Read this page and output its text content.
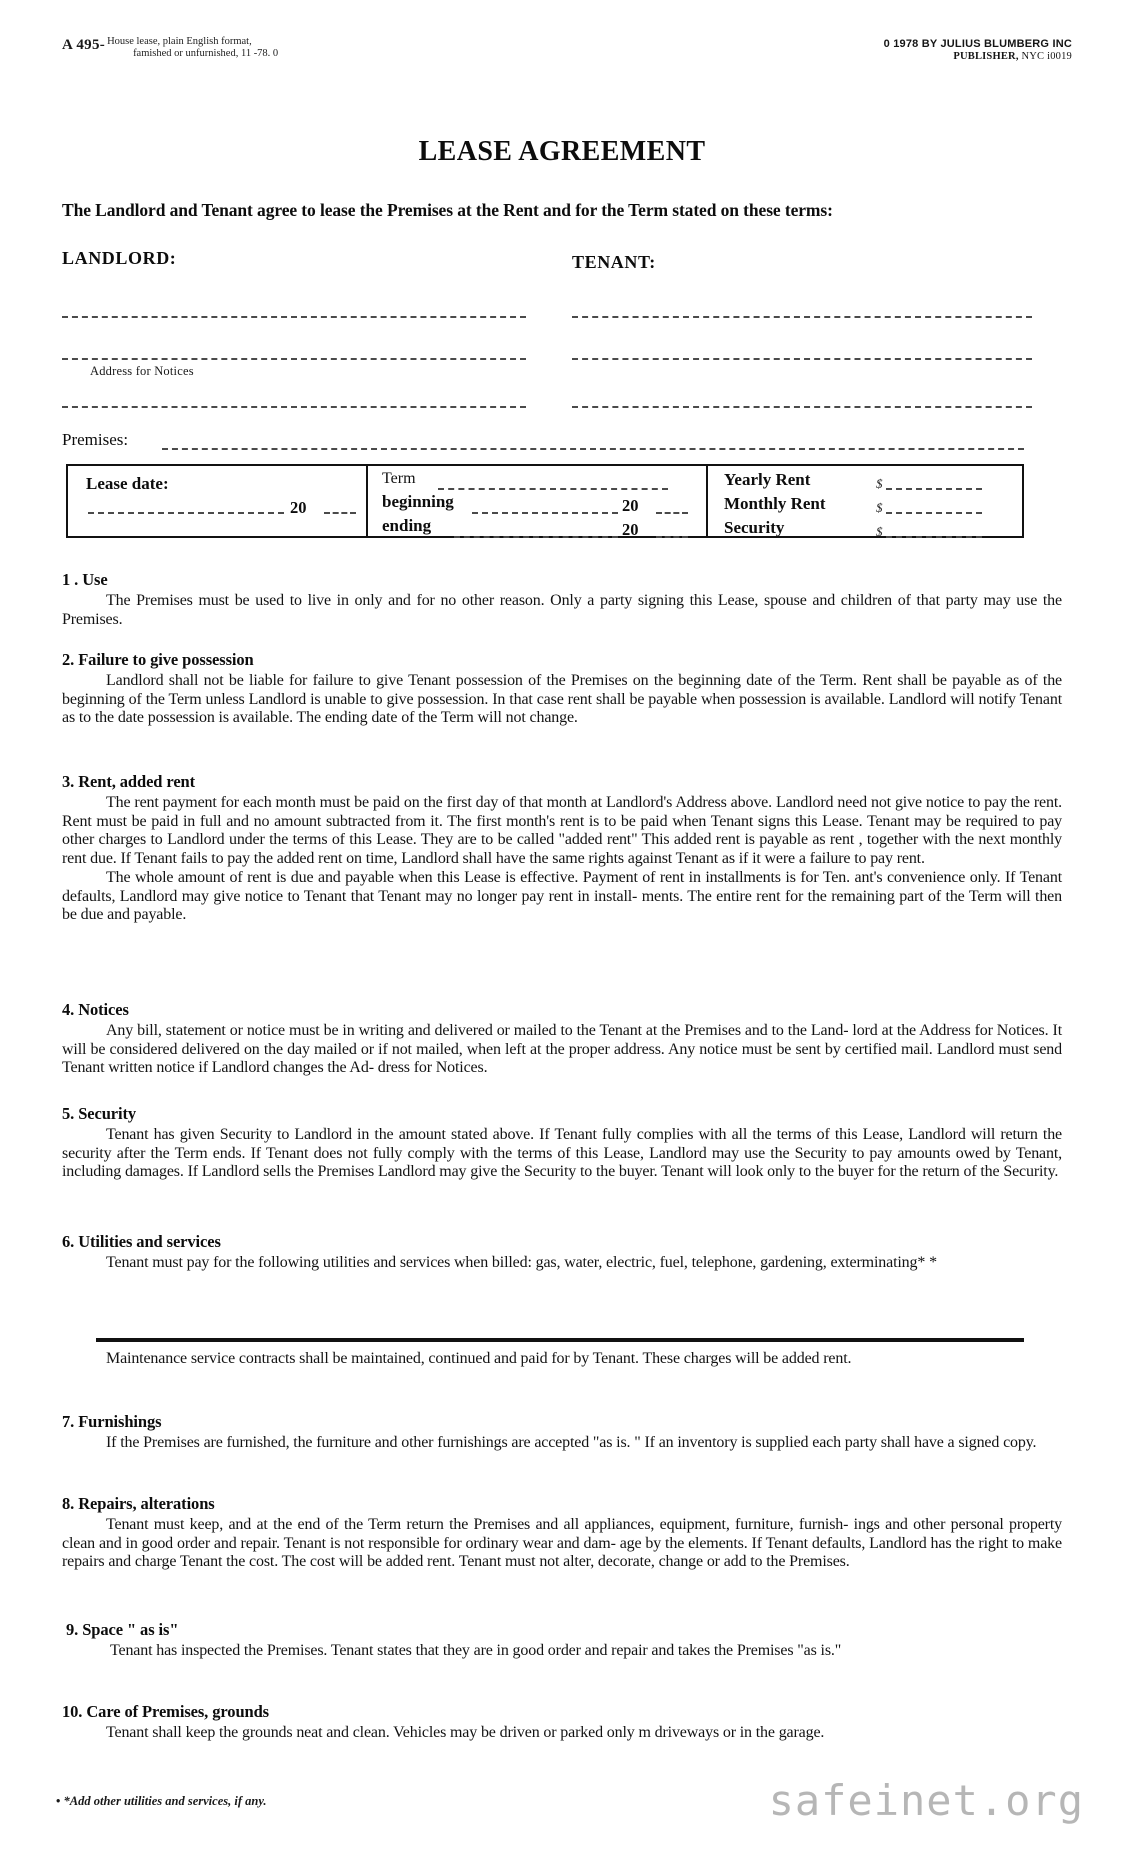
A 495- House lease, plain English format,
famished or unfurnished, 11 -78. 0
0 1978 BY JULIUS BLUMBERG INC
PUBLISHER, NYC i0019
LEASE AGREEMENT
The Landlord and Tenant agree to lease the Premises at the Rent and for the Term stated on these terms:
LANDLORD:	TENANT:
Address for Notices
Premises:
Lease date:
20
Term
beginning	20
ending	20
Yearly Rent	$
Monthly Rent	$
Security	$
1 . Use

The Premises must be used to live in only and for no other reason. Only a party signing this Lease, spouse and children of that party may use the Premises.

2. Failure to give possession

Landlord shall not be liable for failure to give Tenant possession of the Premises on the beginning date of the Term. Rent shall be payable as of the beginning of the Term unless Landlord is unable to give possession. In that case rent shall be payable when possession is available. Landlord will notify Tenant as to the date possession is available. The ending date of the Term will not change.

3. Rent, added rent

The rent payment for each month must be paid on the first day of that month at Landlord's Address above. Landlord need not give notice to pay the rent. Rent must be paid in full and no amount subtracted from it. The first month's rent is to be paid when Tenant signs this Lease. Tenant may be required to pay other charges to Landlord under the terms of this Lease. They are to be called "added rent" This added rent is payable as rent , together with the next monthly rent due. If Tenant fails to pay the added rent on time, Landlord shall have the same rights against Tenant as if it were a failure to pay rent.

The whole amount of rent is due and payable when this Lease is effective. Payment of rent in installments is for Ten. ant's convenience only. If Tenant defaults, Landlord may give notice to Tenant that Tenant may no longer pay rent in install- ments. The entire rent for the remaining part of the Term will then be due and payable.

4. Notices

Any bill, statement or notice must be in writing and delivered or mailed to the Tenant at the Premises and to the Land- lord at the Address for Notices. It will be considered delivered on the day mailed or if not mailed, when left at the proper address. Any notice must be sent by certified mail. Landlord must send Tenant written notice if Landlord changes the Ad- dress for Notices.

5. Security

Tenant has given Security to Landlord in the amount stated above. If Tenant fully complies with all the terms of this Lease, Landlord will return the security after the Term ends. If Tenant does not fully comply with the terms of this Lease, Landlord may use the Security to pay amounts owed by Tenant, including damages. If Landlord sells the Premises Landlord may give the Security to the buyer. Tenant will look only to the buyer for the return of the Security.

6. Utilities and services

Tenant must pay for the following utilities and services when billed: gas, water, electric, fuel, telephone, gardening, exterminating* *

Maintenance service contracts shall be maintained, continued and paid for by Tenant. These charges will be added rent.

7. Furnishings

If the Premises are furnished, the furniture and other furnishings are accepted "as is. " If an inventory is supplied each party shall have a signed copy.

8. Repairs, alterations

Tenant must keep, and at the end of the Term return the Premises and all appliances, equipment, furniture, furnish- ings and other personal property clean and in good order and repair. Tenant is not responsible for ordinary wear and dam- age by the elements. If Tenant defaults, Landlord has the right to make repairs and charge Tenant the cost. The cost will be added rent. Tenant must not alter, decorate, change or add to the Premises.

9. Space " as is"

Tenant has inspected the Premises. Tenant states that they are in good order and repair and takes the Premises "as is."

10. Care of Premises, grounds

Tenant shall keep the grounds neat and clean. Vehicles may be driven or parked only m driveways or in the garage.

• *Add other utilities and services, if any.	safeinet.org
